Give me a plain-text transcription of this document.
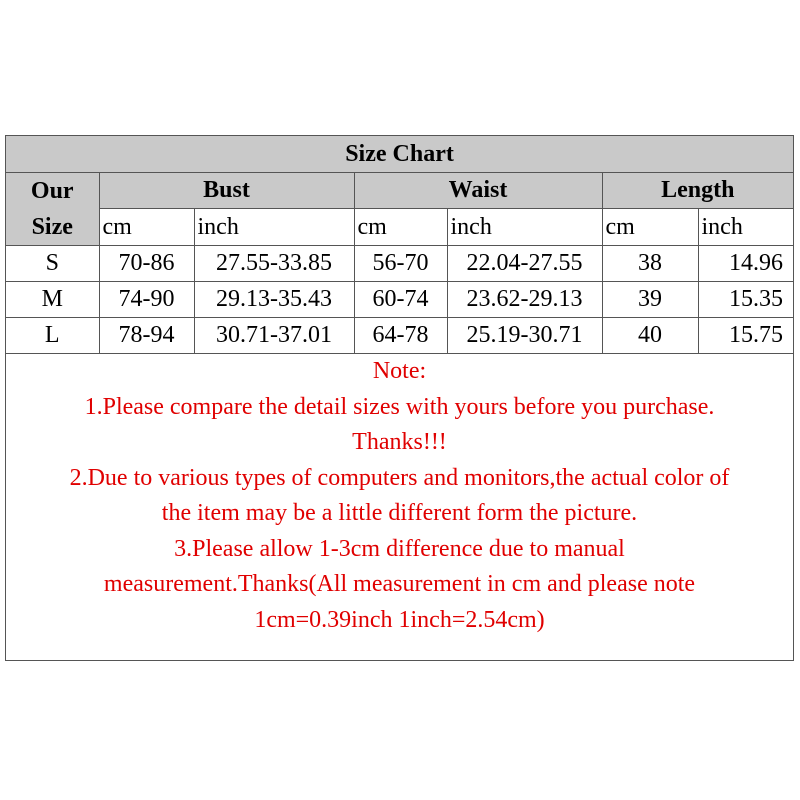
Size Chart						

Our
Size	Bust		Waist		Length	
	cm	inch	cm	inch	cm	inch
S	70-86	27.55-33.85	56-70	22.04-27.55	38	14.96
M	74-90	29.13-35.43	60-74	23.62-29.13	39	15.35
L	78-94	30.71-37.01	64-78	25.19-30.71	40	15.75
Note:
1.Please compare the detail sizes with yours before you purchase.
Thanks!!!
2.Due to various types of computers and monitors,the actual color of
the item may be a little different form the picture.
3.Please allow 1-3cm difference due to manual
measurement.Thanks(All measurement in cm and please note
1cm=0.39inch 1inch=2.54cm)
